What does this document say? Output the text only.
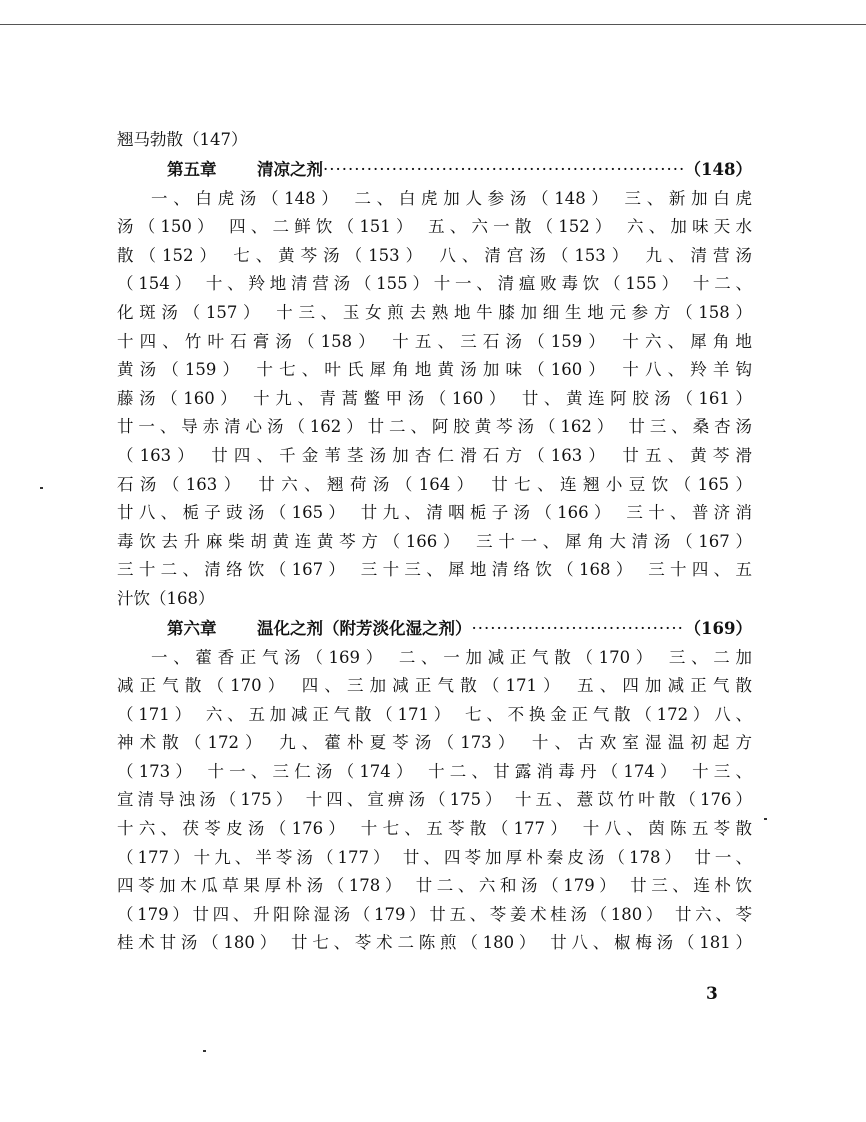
翘马勃散（147）
第五章	清凉之剂 ·····	（148）
一、白虎汤（148） 二、白虎加人参汤（148） 三、新加白虎
汤（150） 四、二鲜饮（151） 五、六一散（152） 六、加味天水
散（152） 七、黄芩汤（153） 八、清宫汤（153） 九、清营汤
（154） 十、羚地清营汤（155）十一、清瘟败毒饮（155） 十二、
化斑汤（157） 十三、玉女煎去熟地牛膝加细生地元参方（158）
十四、竹叶石膏汤（158） 十五、三石汤（159） 十六、犀角地
黄汤（159） 十七、叶氏犀角地黄汤加味（160） 十八、羚羊钩
藤汤（160） 十九、青蒿鳖甲汤（160） 廿、黄连阿胶汤（161）
廿一、导赤清心汤（162）廿二、阿胶黄芩汤（162） 廿三、桑杏汤
（163） 廿四、千金苇茎汤加杏仁滑石方（163） 廿五、黄芩滑
石汤（163） 廿六、翘荷汤（164） 廿七、连翘小豆饮（165）
廿八、栀子豉汤（165） 廿九、清咽栀子汤（166） 三十、普济消
毒饮去升麻柴胡黄连黄芩方（166） 三十一、犀角大清汤（167）
三十二、清络饮（167） 三十三、犀地清络饮（168） 三十四、五
汁饮（168）
第六章	温化之剂（附芳淡化湿之剂） ·····	（169）
一、藿香正气汤（169） 二、一加减正气散（170） 三、二加
减正气散（170） 四、三加减正气散（171） 五、四加减正气散
（171） 六、五加减正气散（171） 七、不换金正气散（172）八、
神术散（172） 九、藿朴夏苓汤（173） 十、古欢室湿温初起方
（173） 十一、三仁汤（174） 十二、甘露消毒丹（174） 十三、
宣清导浊汤（175） 十四、宣痹汤（175） 十五、薏苡竹叶散（176）
十六、茯苓皮汤（176） 十七、五苓散（177） 十八、茵陈五苓散
（177）十九、半苓汤（177） 廿、四苓加厚朴秦皮汤（178） 廿一、
四苓加木瓜草果厚朴汤（178） 廿二、六和汤（179） 廿三、连朴饮
（179）廿四、升阳除湿汤（179）廿五、苓姜术桂汤（180） 廿六、苓
桂术甘汤（180） 廿七、苓术二陈煎（180） 廿八、椒梅汤（181）
3
